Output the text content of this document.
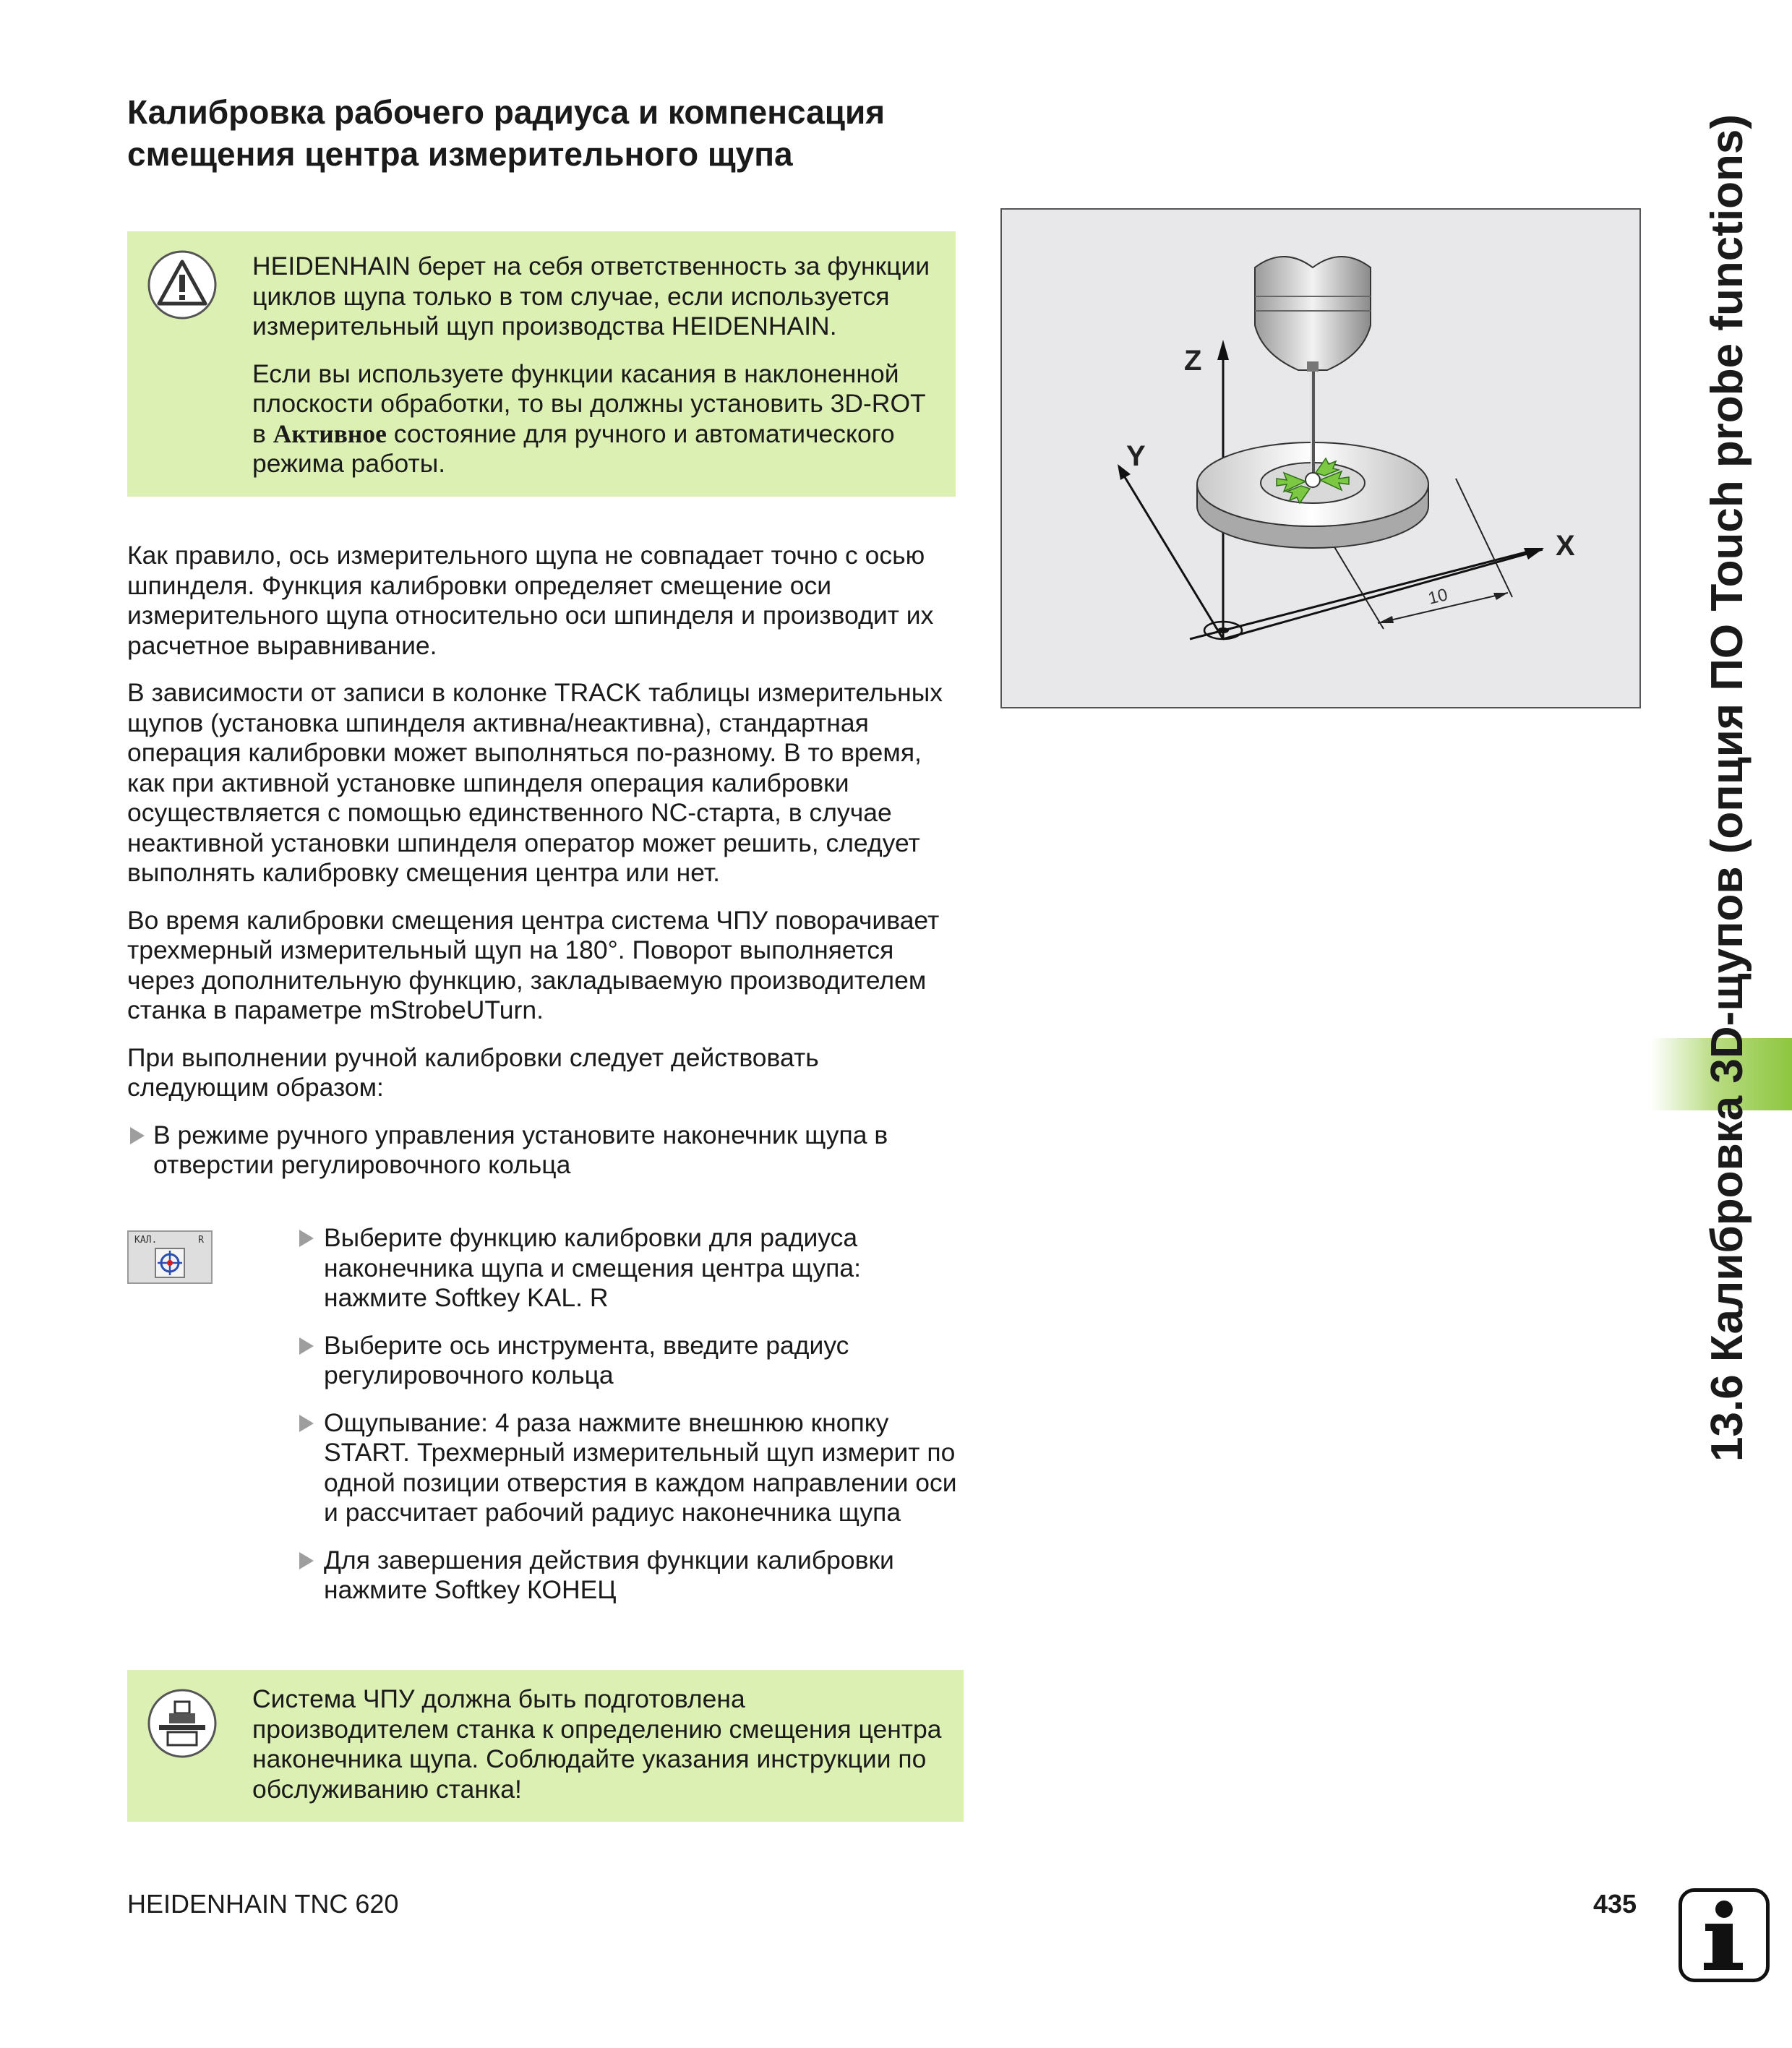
Калибровка рабочего радиуса и компенсация
смещения центра измерительного щупа

HEIDENHAIN берет на себя ответственность за функции циклов щупа только в том случае, если используется измерительный щуп производства HEIDENHAIN.

Если вы используете функции касания в наклоненной плоскости обработки, то вы должны установить 3D-ROT в Активное состояние для ручного и автоматического режима работы.

Как правило, ось измерительного щупа не совпадает точно с осью шпинделя. Функция калибровки определяет смещение оси измерительного щупа относительно оси шпинделя и производит их расчетное выравнивание.

В зависимости от записи в колонке TRACK таблицы измерительных щупов (установка шпинделя активна/неактивна), стандартная операция калибровки может выполняться по-разному. В то время, как при активной установке шпинделя операция калибровки осуществляется с помощью единственного NC-старта, в случае неактивной установки шпинделя оператор может решить, следует выполнять калибровку смещения центра или нет.

Во время калибровки смещения центра система ЧПУ поворачивает трехмерный измерительный щуп на 180°. Поворот выполняется через дополнительную функцию, закладываемую производителем станка в параметре mStrobeUTurn.

При выполнении ручной калибровки следует действовать следующим образом:

В режиме ручного управления установите наконечник щупа в отверстии регулировочного кольца
КАЛ.	R	Выберите функцию калибровки для радиуса наконечника щупа и смещения центра щупа: нажмите Softkey KAL. R
Выберите ось инструмента, введите радиус регулировочного кольца
Ощупывание: 4 раза нажмите внешнюю кнопку START. Трехмерный измерительный щуп измерит по одной позиции отверстия в каждом направлении оси и рассчитает рабочий радиус наконечника щупа
Для завершения действия функции калибровки нажмите Softkey КОНЕЦ

Система ЧПУ должна быть подготовлена производителем станка к определению смещения центра наконечника щупа. Соблюдайте указания инструкции по обслуживанию станка!

10
Z
Y
X	13.6 Калибровка 3D-щупов (опция ПО Touch probe functions)
HEIDENHAIN TNC 620	435
